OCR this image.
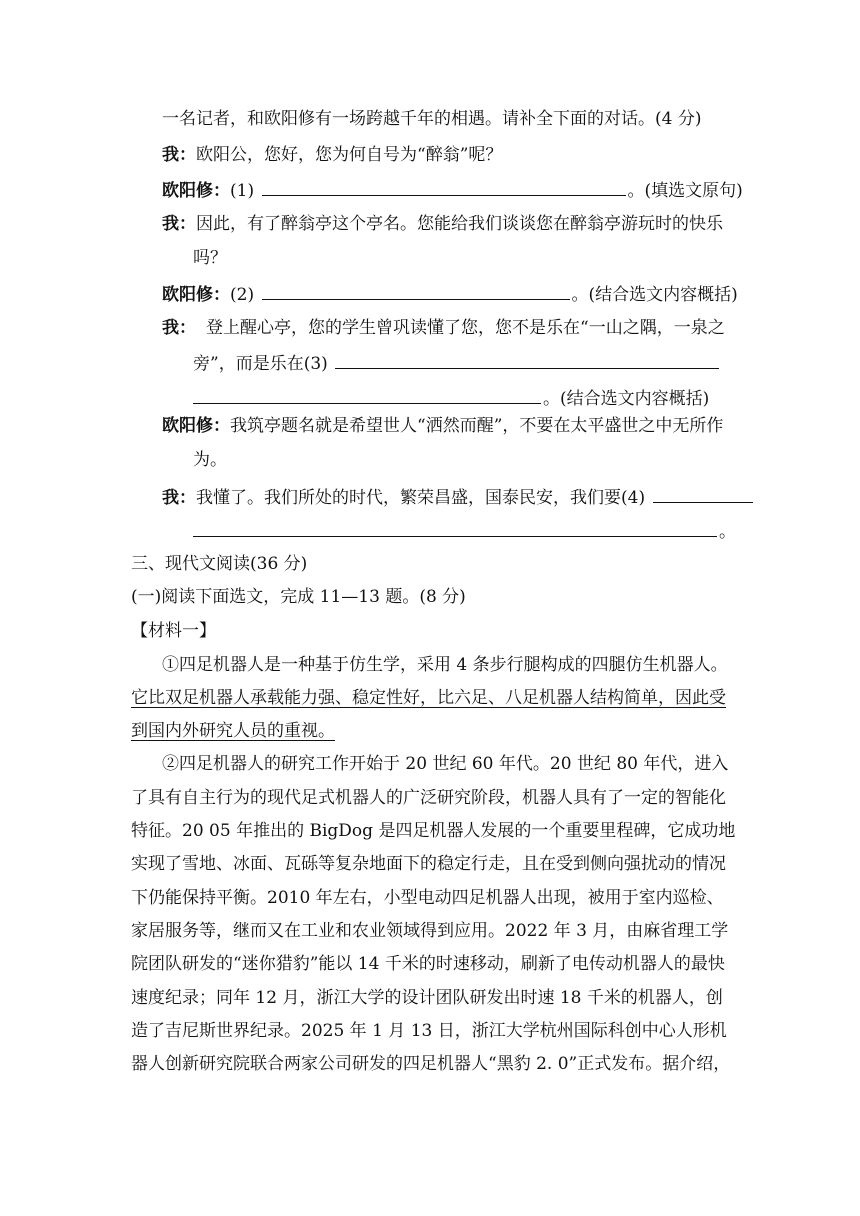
一名记者，和欧阳修有一场跨越千年的相遇。请补全下面的对话。(4 分)
我：欧阳公，您好，您为何自号为“醉翁”呢？
欧阳修：(1)	。(填选文原句)
我：因此，有了醉翁亭这个亭名。您能给我们谈谈您在醉翁亭游玩时的快乐
吗？
欧阳修：(2)	。(结合选文内容概括)
我： 登上醒心亭，您的学生曾巩读懂了您，您不是乐在“一山之隅，一泉之
旁”，而是乐在(3)
。(结合选文内容概括)
欧阳修：我筑亭题名就是希望世人“洒然而醒”，不要在太平盛世之中无所作
为。
我：我懂了。我们所处的时代，繁荣昌盛，国泰民安，我们要(4)
。
三、现代文阅读(36 分)
(一)阅读下面选文，完成 11—13 题。(8 分)
【材料一】
①四足机器人是一种基于仿生学，采用 4 条步行腿构成的四腿仿生机器人。
它比双足机器人承载能力强、稳定性好，比六足、八足机器人结构简单，因此受
到国内外研究人员的重视。
②四足机器人的研究工作开始于 20 世纪 60 年代。20 世纪 80 年代，进入
了具有自主行为的现代足式机器人的广泛研究阶段，机器人具有了一定的智能化
特征。20 05 年推出的 BigDog 是四足机器人发展的一个重要里程碑，它成功地
实现了雪地、冰面、瓦砾等复杂地面下的稳定行走，且在受到侧向强扰动的情况
下仍能保持平衡。2010 年左右，小型电动四足机器人出现，被用于室内巡检、
家居服务等，继而又在工业和农业领域得到应用。2022 年 3 月，由麻省理工学
院团队研发的“迷你猎豹”能以 14 千米的时速移动，刷新了电传动机器人的最快
速度纪录；同年 12 月，浙江大学的设计团队研发出时速 18 千米的机器人，创
造了吉尼斯世界纪录。2025 年 1 月 13 日，浙江大学杭州国际科创中心人形机
器人创新研究院联合两家公司研发的四足机器人“黑豹 2. 0”正式发布。据介绍，
